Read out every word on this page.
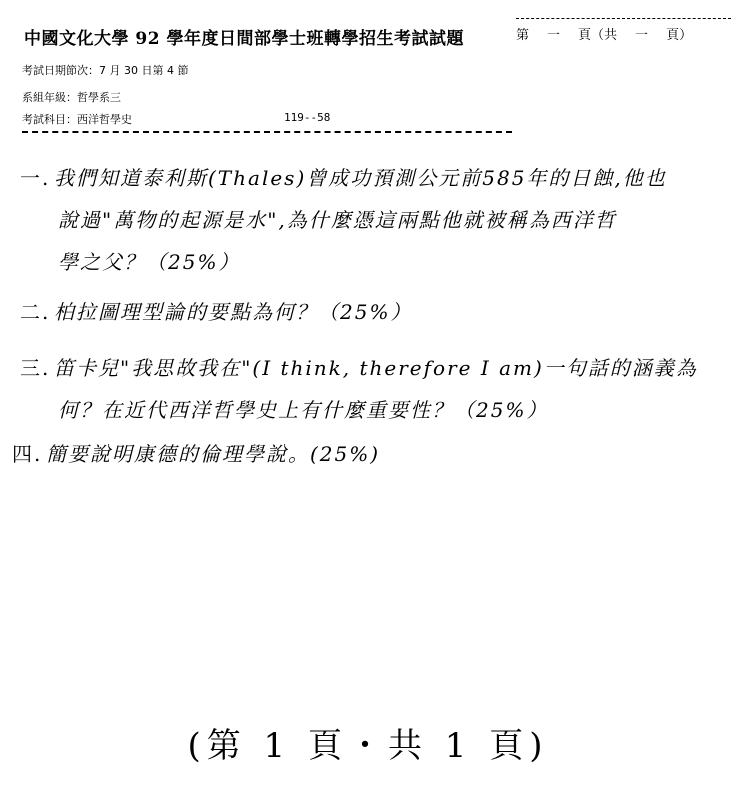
中國文化大學 92 學年度日間部學士班轉學招生考試試題	第 一 頁（共 一 頁）
考試日期節次：7 月 30 日第 4 節
系組年級：哲學系三
考試科目：西洋哲學史	119--58
一. 我們知道泰利斯(Thales)曾成功預測公元前585年的日蝕,他也
說過"萬物的起源是水",為什麼憑這兩點他就被稱為西洋哲
學之父？（25%）
二. 柏拉圖理型論的要點為何？（25%）
三. 笛卡兒"我思故我在"(I think, therefore I am)一句話的涵義為
何？在近代西洋哲學史上有什麼重要性？（25%）
四. 簡要說明康德的倫理學說。(25%)
(第 1 頁・共 1 頁)
